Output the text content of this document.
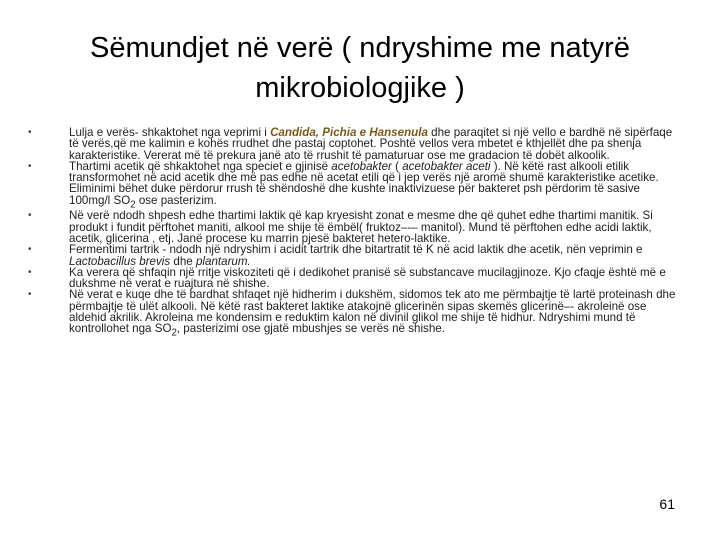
Sëmundjet në verë ( ndryshime me natyrë
mikrobiologjike )
•	Lulja e verës- shkaktohet nga veprimi i Candida, Pichia e Hansenula dhe paraqitet si një vello e bardhë në sipërfaqe të verës,që me kalimin e kohës rrudhet dhe pastaj coptohet. Poshtë vellos vera mbetet e kthjellët dhe pa shenja karakteristike. Vererat më të prekura janë ato të rrushit të pamaturuar ose me gradacion të dobët alkoolik.
•	Thartimi acetik që shkaktohet nga speciet e gjinisë acetobakter ( acetobakter aceti ). Në këtë rast alkooli etilik transformohet në acid acetik dhe më pas edhe në acetat etili që i jep verës një aromë shumë karakteristike acetike. Eliminimi bëhet duke përdorur rrush të shëndoshë dhe kushte inaktivizuese për bakteret psh përdorim të sasive 100mg/l $SO_2$ ose pasterizim.
•	Në verë ndodh shpesh edhe thartimi laktik që kap kryesisht zonat e mesme dhe që quhet edhe thartimi manitik. Si produkt i fundit përftohet maniti, alkool me shije të ëmbël( fruktoz–-– manitol). Mund të përftohen edhe acidi laktik, acetik, glicerina , etj. Janë procese ku marrin pjesë bakteret hetero-laktike.
•	Fermentimi tartrik - ndodh një ndryshim i acidit tartrik dhe bitartratit të K në acid laktik dhe acetik, nën veprimin e Lactobacillus brevis dhe plantarum.
•	Ka verera që shfaqin një rritje viskoziteti që i dedikohet pranisë së substancave mucilagjinoze. Kjo cfaqje është më e dukshme në verat e ruajtura në shishe.
•	Në verat e kuqe dhe të bardhat shfaqet një hidherim i dukshëm, sidomos tek ato me përmbajtje të lartë proteinash dhe përmbajtje të ulët alkooli. Në këtë rast bakteret laktike atakojnë glicerinën sipas skemës glicerinë–- akroleinë ose aldehid akrilik. Akroleina me kondensim e reduktim kalon në divinil glikol me shije të hidhur. Ndryshimi mund të kontrollohet nga $SO_2$, pasterizimi ose gjatë mbushjes se verës në shishe.
61
